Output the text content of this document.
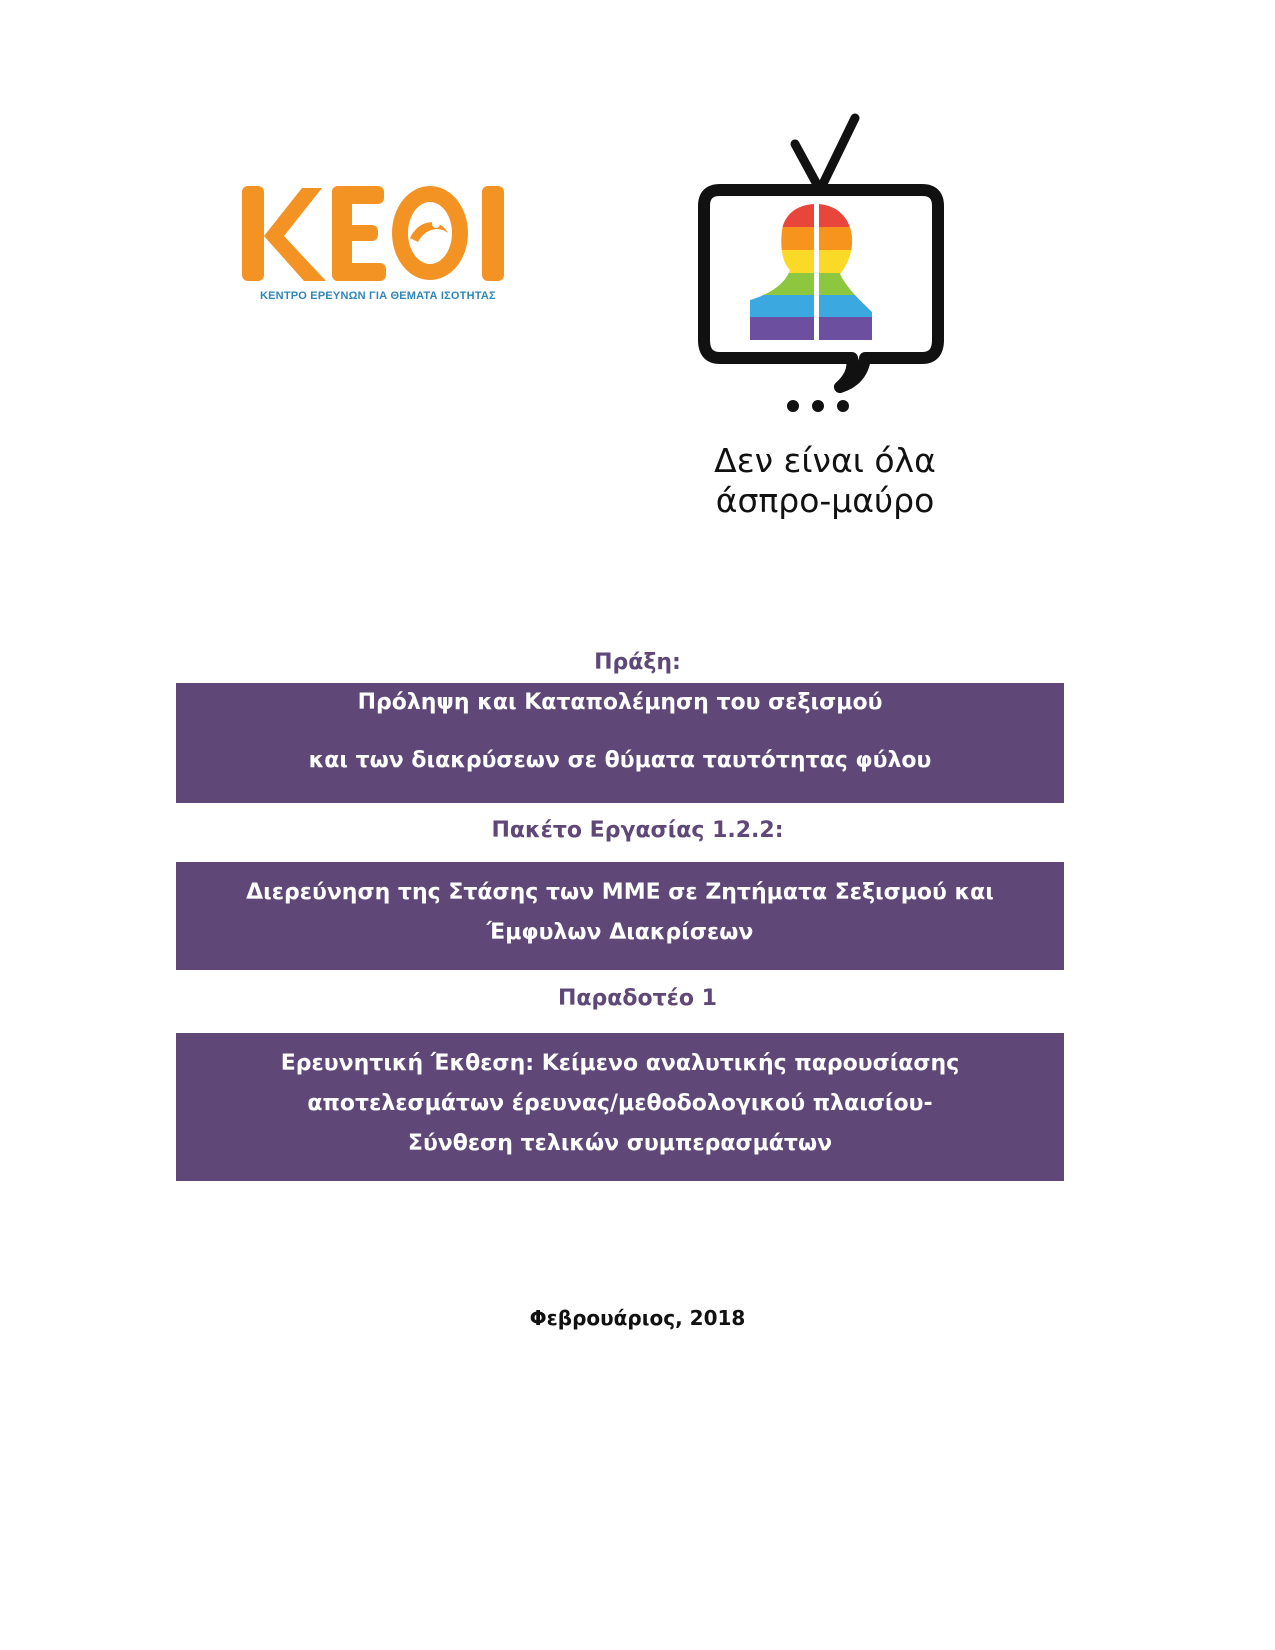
ΚΕΝΤΡΟ ΕΡΕΥΝΩΝ ΓΙΑ ΘΕΜΑΤΑ ΙΣΟΤΗΤΑΣ
Δεν είναι όλα
άσπρο-μαύρο
Πράξη:
Πρόληψη και Καταπολέμηση του σεξισμού
και των διακρύσεων σε θύματα ταυτότητας φύλου
Πακέτο Εργασίας 1.2.2:
Διερεύνηση της Στάσης των ΜΜΕ σε Ζητήματα Σεξισμού και
Έμφυλων Διακρίσεων
Παραδοτέο 1
Ερευνητική Έκθεση: Κείμενο αναλυτικής παρουσίασης
αποτελεσμάτων έρευνας/μεθοδολογικού πλαισίου-
Σύνθεση τελικών συμπερασμάτων
Φεβρουάριος, 2018
